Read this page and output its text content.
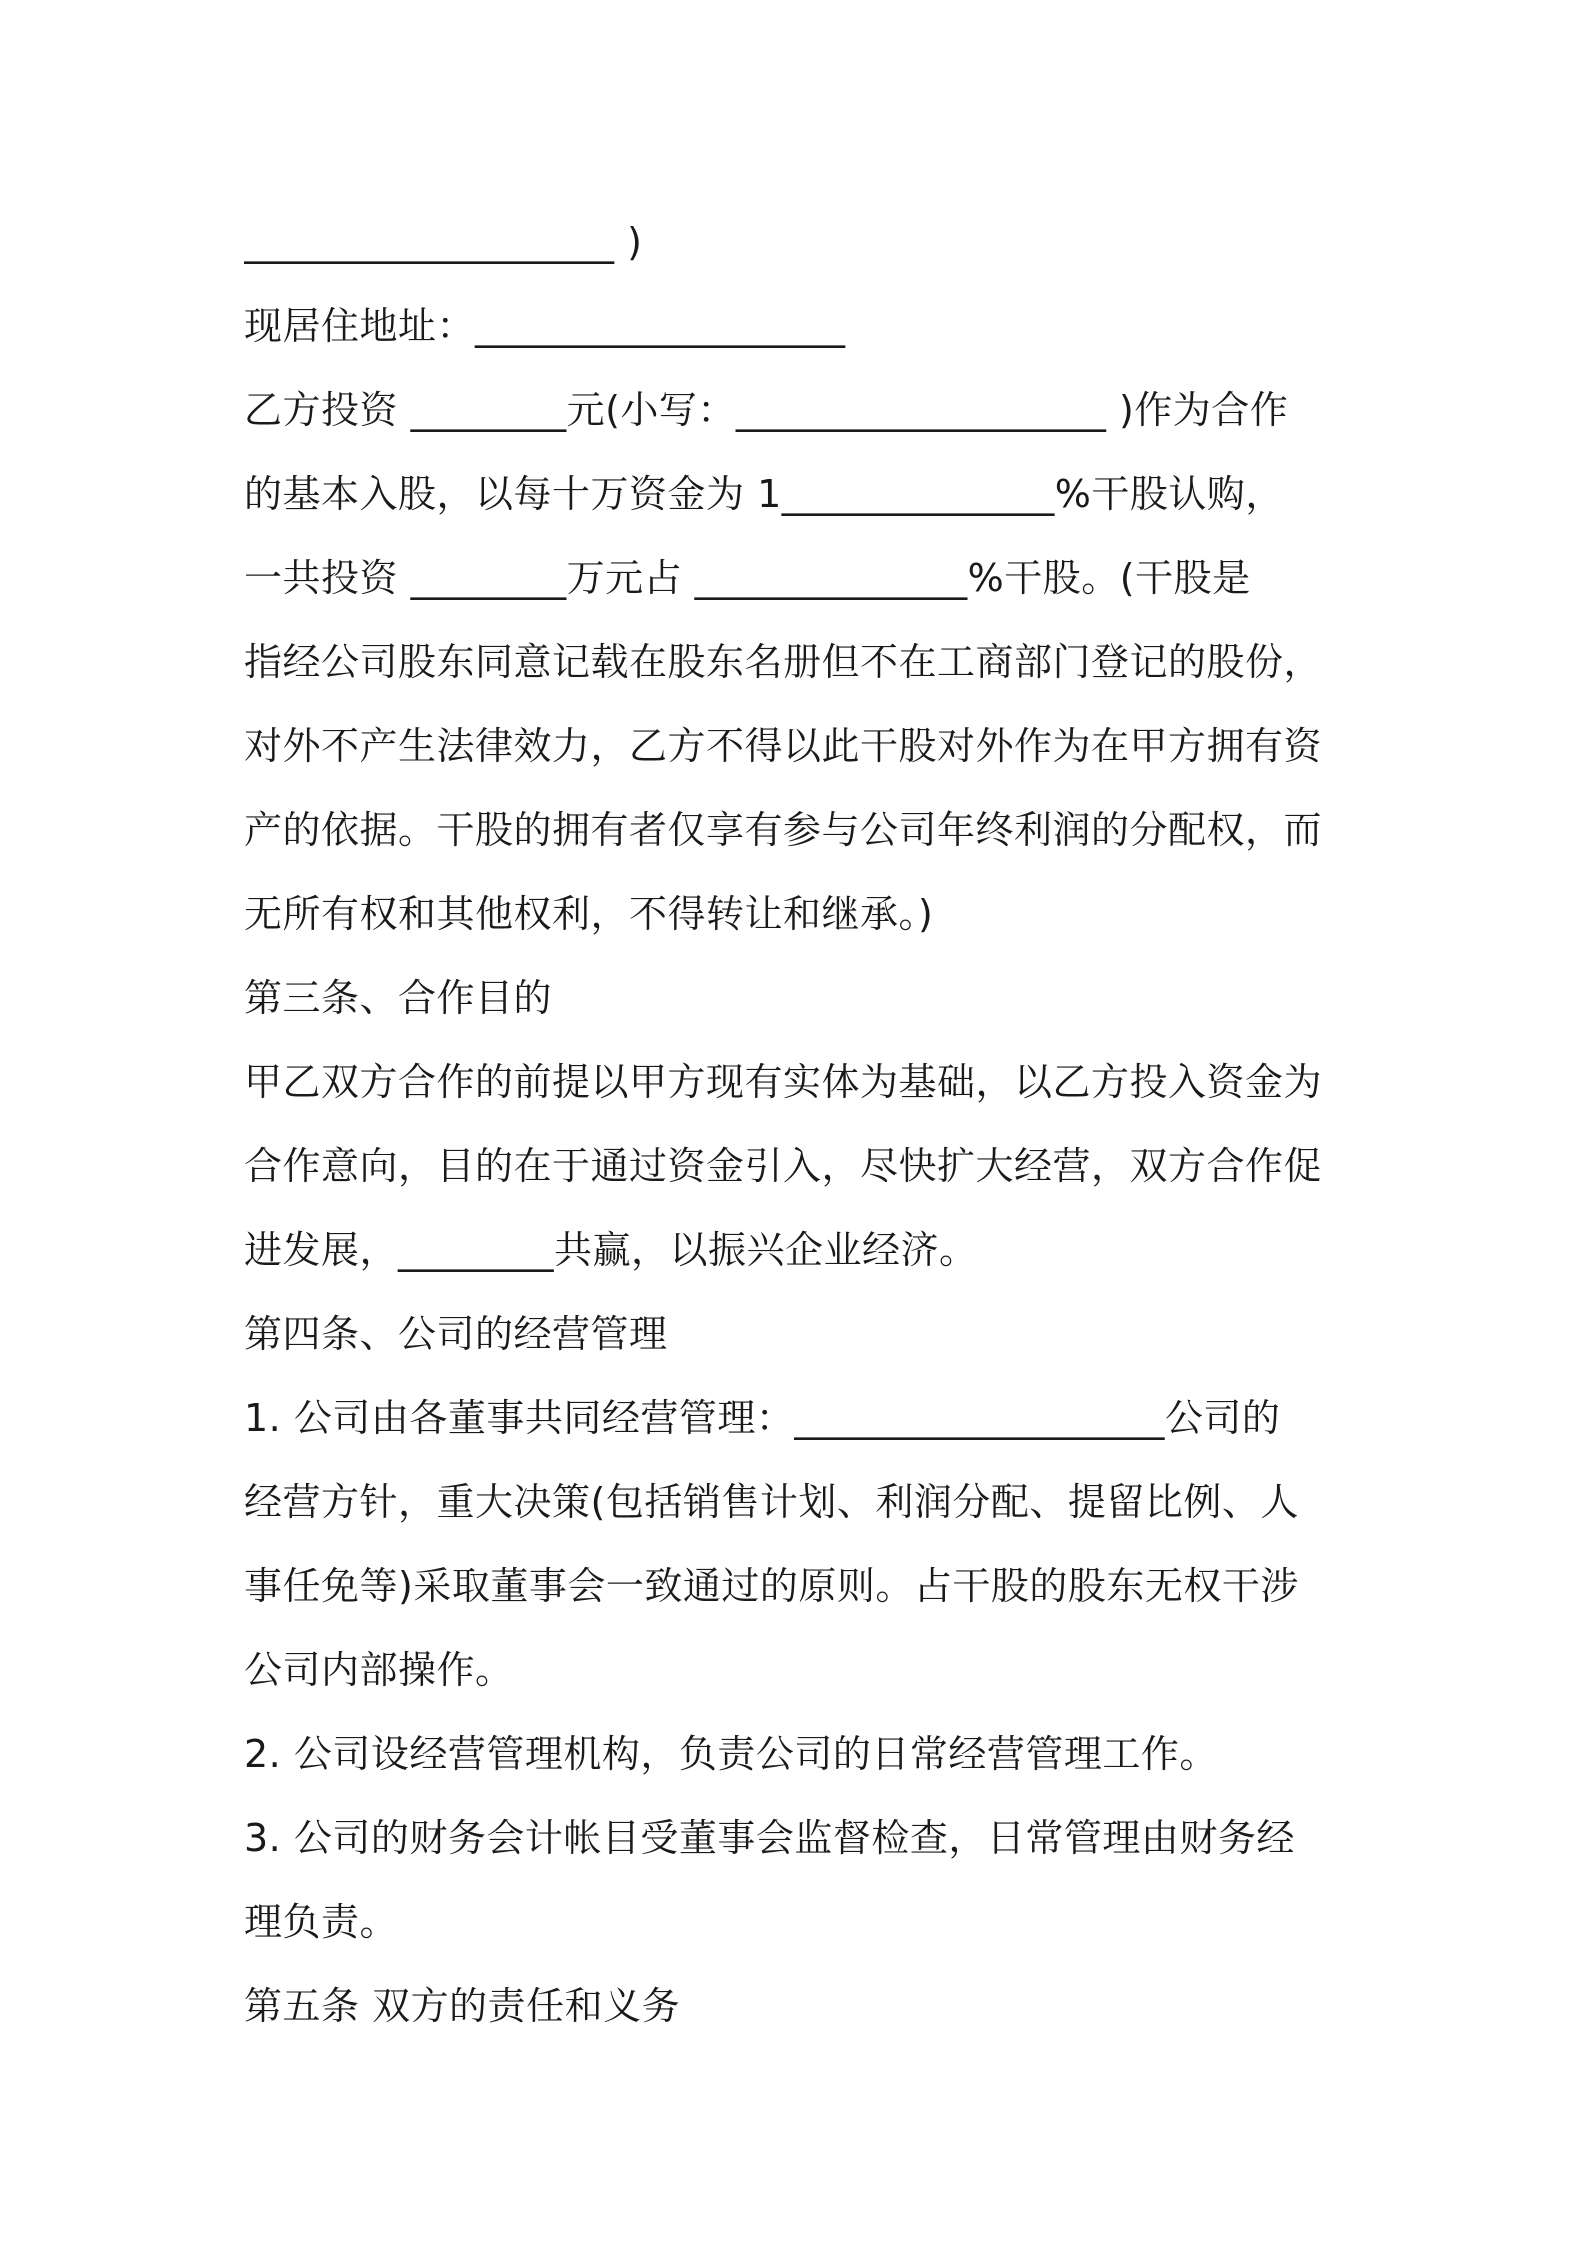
___________________ )
现居住地址：___________________
乙方投资 ________元(小写：___________________ )作为合作
的基本入股，以每十万资金为 1______________%干股认购，
一共投资 ________万元占 ______________%干股。(干股是
指经公司股东同意记载在股东名册但不在工商部门登记的股份，
对外不产生法律效力，乙方不得以此干股对外作为在甲方拥有资
产的依据。干股的拥有者仅享有参与公司年终利润的分配权，而
无所有权和其他权利，不得转让和继承。)
第三条、合作目的
甲乙双方合作的前提以甲方现有实体为基础，以乙方投入资金为
合作意向，目的在于通过资金引入，尽快扩大经营，双方合作促
进发展，________共赢，以振兴企业经济。
第四条、公司的经营管理
1. 公司由各董事共同经营管理：___________________公司的
经营方针，重大决策(包括销售计划、利润分配、提留比例、人
事任免等)采取董事会一致通过的原则。占干股的股东无权干涉
公司内部操作。
2. 公司设经营管理机构，负责公司的日常经营管理工作。
3. 公司的财务会计帐目受董事会监督检查，日常管理由财务经
理负责。
第五条 双方的责任和义务
